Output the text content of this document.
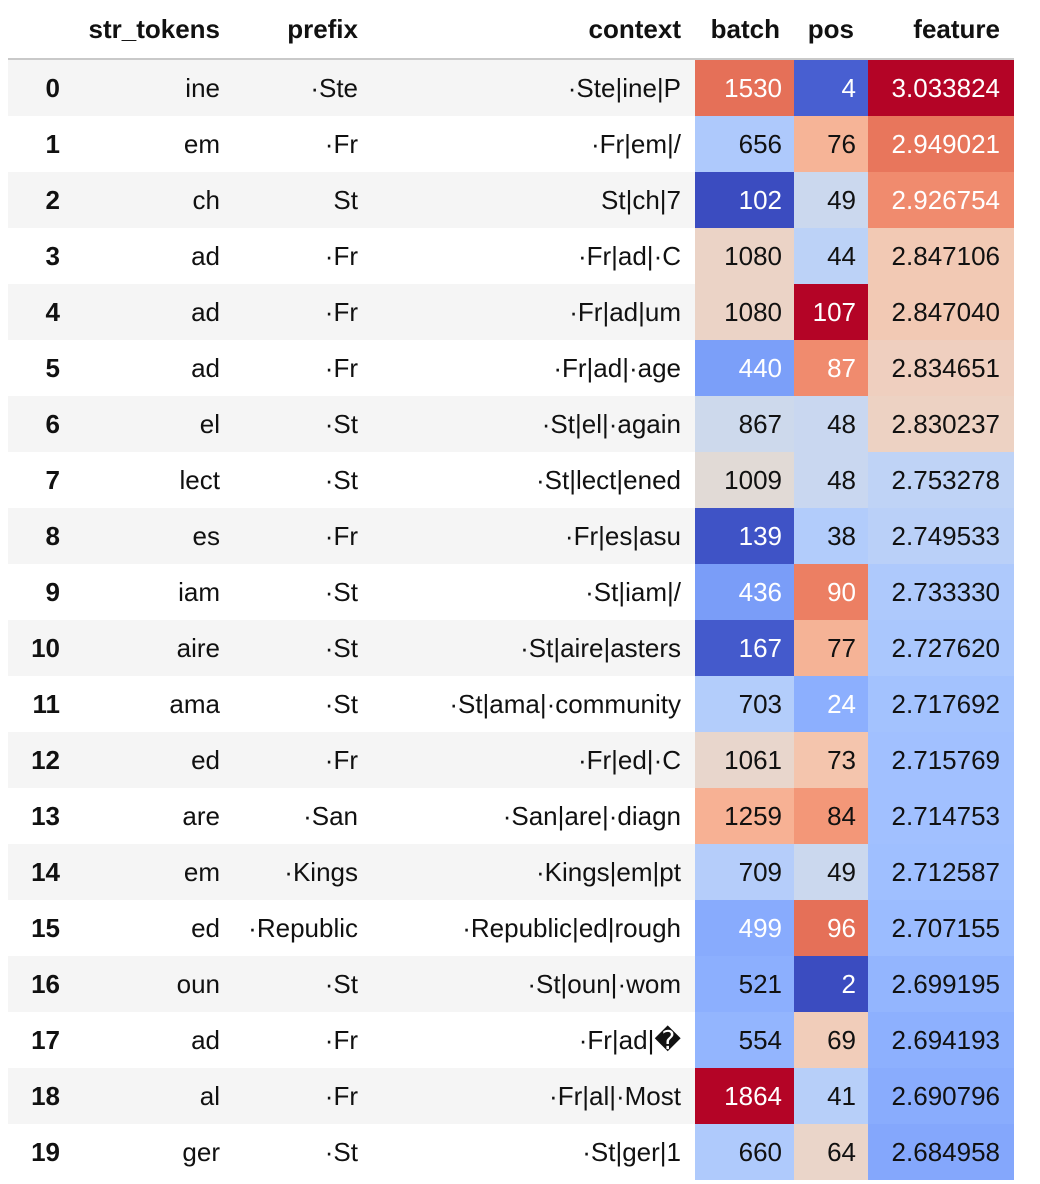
	str_tokens	prefix	context	batch	pos	feature
0	ine	·Ste	·Ste|ine|P	1530	4	3.033824
1	em	·Fr	·Fr|em|/	656	76	2.949021
2	ch	St	St|ch|7	102	49	2.926754
3	ad	·Fr	·Fr|ad|·C	1080	44	2.847106
4	ad	·Fr	·Fr|ad|um	1080	107	2.847040
5	ad	·Fr	·Fr|ad|·age	440	87	2.834651
6	el	·St	·St|el|·again	867	48	2.830237
7	lect	·St	·St|lect|ened	1009	48	2.753278
8	es	·Fr	·Fr|es|asu	139	38	2.749533
9	iam	·St	·St|iam|/	436	90	2.733330
10	aire	·St	·St|aire|asters	167	77	2.727620
11	ama	·St	·St|ama|·community	703	24	2.717692
12	ed	·Fr	·Fr|ed|·C	1061	73	2.715769
13	are	·San	·San|are|·diagn	1259	84	2.714753
14	em	·Kings	·Kings|em|pt	709	49	2.712587
15	ed	·Republic	·Republic|ed|rough	499	96	2.707155
16	oun	·St	·St|oun|·wom	521	2	2.699195
17	ad	·Fr	·Fr|ad|�	554	69	2.694193
18	al	·Fr	·Fr|al|·Most	1864	41	2.690796
19	ger	·St	·St|ger|1	660	64	2.684958
